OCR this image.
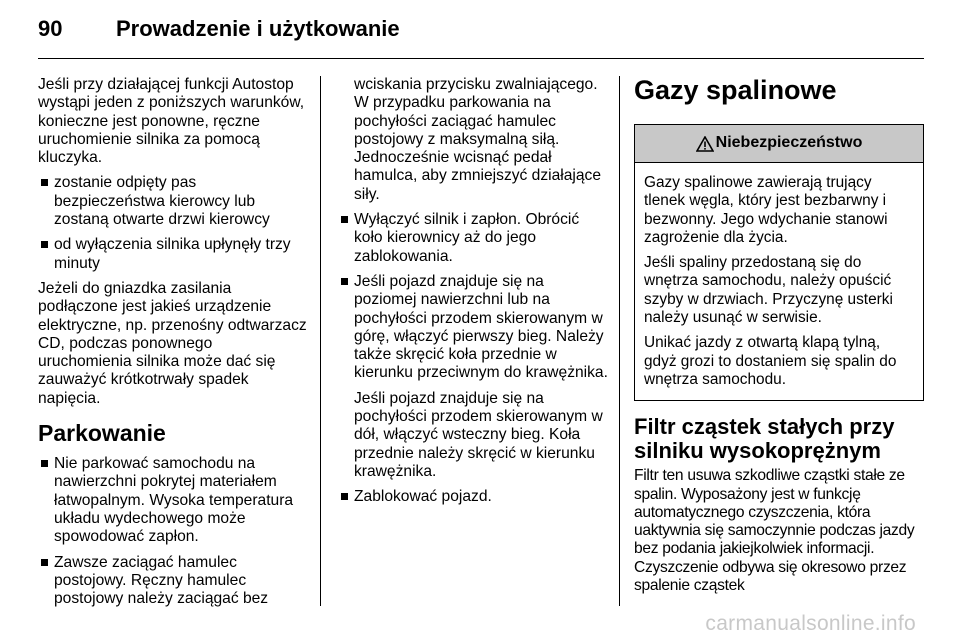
90	Prowadzenie i użytkowanie

Jeśli przy działającej funkcji Autostop wystąpi jeden z poniższych warunków, konieczne jest ponowne, ręczne uruchomienie silnika za pomocą kluczyka.

zostanie odpięty pas bezpieczeństwa kierowcy lub zostaną otwarte drzwi kierowcy
od wyłączenia silnika upłynęły trzy minuty

Jeżeli do gniazdka zasilania podłączone jest jakieś urządzenie elektryczne, np. przenośny odtwarzacz CD, podczas ponownego uruchomienia silnika może dać się zauważyć krótkotrwały spadek napięcia.

Parkowanie
Nie parkować samochodu na nawierzchni pokrytej materiałem łatwopalnym. Wysoka temperatura układu wydechowego może spowodować zapłon.
Zawsze zaciągać hamulec postojowy. Ręczny hamulec postojowy należy zaciągać bez

wciskania przycisku zwalniającego. W przypadku parkowania na pochyłości zaciągać hamulec postojowy z maksymalną siłą. Jednocześnie wcisnąć pedał hamulca, aby zmniejszyć działające siły.

Wyłączyć silnik i zapłon. Obrócić koło kierownicy aż do jego zablokowania.
Jeśli pojazd znajduje się na poziomej nawierzchni lub na pochyłości przodem skierowanym w górę, włączyć pierwszy bieg. Należy także skręcić koła przednie w kierunku przeciwnym do krawężnika.

Jeśli pojazd znajduje się na pochyłości przodem skierowanym w dół, włączyć wsteczny bieg. Koła przednie należy skręcić w kierunku krawężnika.

Zablokować pojazd.
Gazy spalinowe
Niebezpieczeństwo

Gazy spalinowe zawierają trujący tlenek węgla, który jest bezbarwny i bezwonny. Jego wdychanie stanowi zagrożenie dla życia.

Jeśli spaliny przedostaną się do wnętrza samochodu, należy opuścić szyby w drzwiach. Przyczynę usterki należy usunąć w serwisie.

Unikać jazdy z otwartą klapą tylną, gdyż grozi to dostaniem się spalin do wnętrza samochodu.

Filtr cząstek stałych przy silniku wysokoprężnym

Filtr ten usuwa szkodliwe cząstki stałe ze spalin. Wyposażony jest w funkcję automatycznego czyszczenia, która uaktywnia się samoczynnie podczas jazdy bez podania jakiejkolwiek informacji. Czyszczenie odbywa się okresowo przez spalenie cząstek

carmanualsonline.info
